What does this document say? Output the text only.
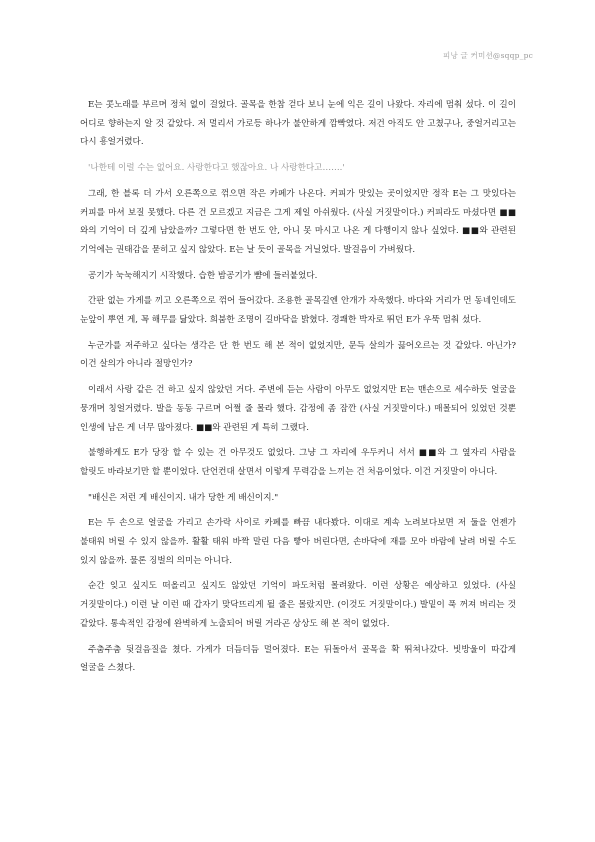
피낭 글 커미션@sqqp_pc

E는 콧노래를 부르며 정처 없이 걸었다. 골목을 한참 걷다 보니 눈에 익은 길이 나왔다. 자리에 멈춰 섰다. 이 길이 어디로 향하는지 알 것 같았다. 저 멀리서 가로등 하나가 불안하게 깜빡였다. 저건 아직도 안 고쳤구나, 중얼거리고는 다시 흥얼거렸다.

'나한테 이럴 수는 없어요. 사랑한다고 했잖아요. 나 사랑한다고…….'

그래, 한 블록 더 가서 오른쪽으로 꺾으면 작은 카페가 나온다. 커피가 맛있는 곳이었지만 정작 E는 그 맛있다는 커피를 마셔 보질 못했다. 다른 건 모르겠고 지금은 그게 제일 아쉬웠다. (사실 거짓말이다.) 커피라도 마셨다면 ■■와의 기억이 더 깊게 남았을까? 그렇다면 한 번도 안, 아니 못 마시고 나온 게 다행이지 않나 싶었다. ■■와 관련된 기억에는 권태감을 묻히고 싶지 않았다. E는 날 듯이 골목을 거닐었다. 발걸음이 가벼웠다.

공기가 눅눅해지기 시작했다. 습한 밤공기가 뺨에 들러붙었다.

간판 없는 가게를 끼고 오른쪽으로 꺾어 들어갔다. 조용한 골목길엔 안개가 자욱했다. 바다와 거리가 먼 동네인데도 눈앞이 뿌연 게, 꼭 해무를 닮았다. 희붐한 조명이 길바닥을 밝혔다. 경쾌한 박자로 뛰던 E가 우뚝 멈춰 섰다.

누군가를 저주하고 싶다는 생각은 단 한 번도 해 본 적이 없었지만, 문득 살의가 끓어오르는 것 같았다. 아닌가? 이건 살의가 아니라 절망인가?

이래서 사랑 같은 건 하고 싶지 않았던 거다. 주변에 듣는 사람이 아무도 없었지만 E는 맨손으로 세수하듯 얼굴을 뭉개며 칭얼거렸다. 발을 동동 구르며 어쩔 줄 몰라 했다. 감정에 좀 잠깐 (사실 거짓말이다.) 매몰되어 있었던 것뿐 인생에 남은 게 너무 많아졌다. ■■와 관련된 게 특히 그랬다.

불행하게도 E가 당장 할 수 있는 건 아무것도 없었다. 그냥 그 자리에 우두커니 서서 ■■와 그 옆자리 사람을 할릿도 바라보기만 할 뿐이었다. 단언컨대 살면서 이렇게 무력감을 느끼는 건 처음이었다. 이건 거짓말이 아니다.

"배신은 저런 게 배신이지. 내가 당한 게 배신이지."

E는 두 손으로 얼굴을 가리고 손가락 사이로 카페를 빠끔 내다봤다. 이대로 계속 노려보다보면 저 둘을 언젠가 불태워 버릴 수 있지 않을까. 활활 태워 바짝 말린 다음 빻아 버린다면, 손바닥에 재를 모아 바람에 날려 버릴 수도 있지 않을까. 물론 징벌의 의미는 아니다.

순간 잊고 싶지도 떠올리고 싶지도 않았던 기억이 파도처럼 몰려왔다. 이런 상황은 예상하고 있었다. (사실 거짓말이다.) 이런 날 이런 때 갑자기 맞닥뜨리게 될 줄은 몰랐지만. (이것도 거짓말이다.) 발밑이 푹 꺼져 버리는 것 같았다. 통속적인 감정에 완벽하게 노출되어 버릴 거라곤 상상도 해 본 적이 없었다.

주춤주춤 뒷걸음질을 쳤다. 가게가 더듬더듬 멀어졌다. E는 뒤돌아서 골목을 확 뛰쳐나갔다. 빗방울이 따갑게 얼굴을 스쳤다.
